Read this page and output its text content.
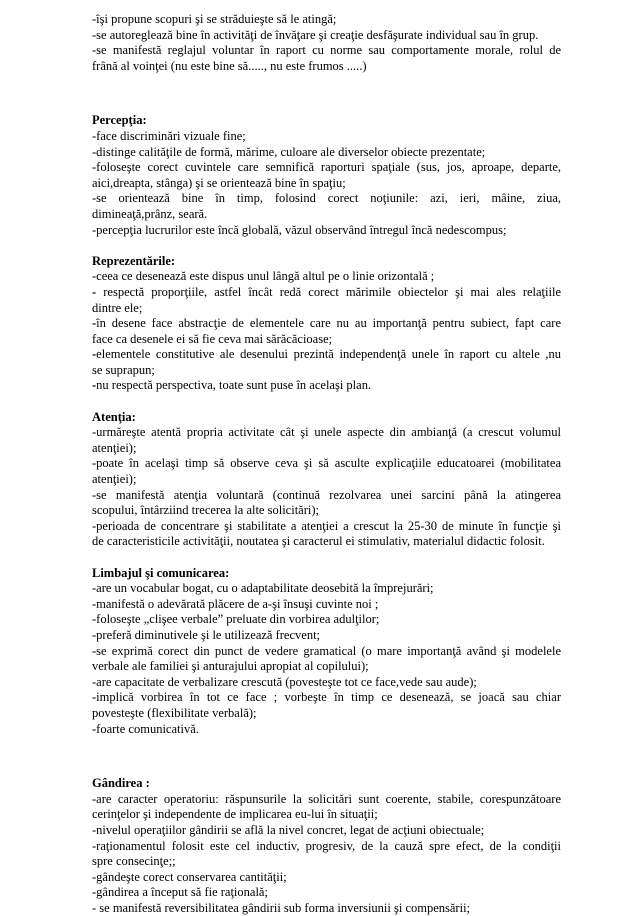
-îşi propune scopuri şi se străduieşte să le atingă;
-se autoreglează bine în activităţi de învăţare şi creaţie desfăşurate individual sau în grup.
-se manifestă reglajul voluntar în raport cu norme sau comportamente morale, rolul de
frână al voinţei (nu este bine să....., nu este frumos .....)
Percepţia:
-face discriminări vizuale fine;
-distinge calităţile de formă, mărime, culoare ale diverselor obiecte prezentate;
-foloseşte corect cuvintele care semnifică raporturi spaţiale (sus, jos, aproape, departe,
aici,dreapta, stânga) şi se orientează bine în spaţiu;
-se orientează bine în timp, folosind corect noţiunile: azi, ieri, mâine, ziua,
dimineaţă,prânz, seară.
-percepţia lucrurilor este încă globală, văzul observând întregul încă nedescompus;
Reprezentările:
-ceea ce desenează este dispus unul lângă altul pe o linie orizontală ;
- respectă proporţiile, astfel încât redă corect mărimile obiectelor şi mai ales relaţiile
dintre ele;
-în desene face abstracţie de elementele care nu au importanţă pentru subiect, fapt care
face ca desenele ei să fie ceva mai sărăcăcioase;
-elementele constitutive ale desenului prezintă independenţă unele în raport cu altele ,nu
se suprapun;
-nu respectă perspectiva, toate sunt puse în acelaşi plan.
Atenţia:
-urmăreşte atentă propria activitate cât şi unele aspecte din ambianţă (a crescut volumul
atenţiei);
-poate în acelaşi timp să observe ceva şi să asculte explicaţiile educatoarei (mobilitatea
atenţiei);
-se manifestă atenţia voluntară (continuă rezolvarea unei sarcini până la atingerea
scopului, întârziind trecerea la alte solicitări);
-perioada de concentrare şi stabilitate a atenţiei a crescut la 25-30 de minute în funcţie şi
de caracteristicile activităţii, noutatea şi caracterul ei stimulativ, materialul didactic folosit.
Limbajul şi comunicarea:
-are un vocabular bogat, cu o adaptabilitate deosebită la împrejurări;
-manifestă o adevărată plăcere de a-şi însuşi cuvinte noi ;
-foloseşte „clişee verbale” preluate din vorbirea adulţilor;
-preferă diminutivele şi le utilizează frecvent;
-se exprimă corect din punct de vedere gramatical (o mare importanţă având şi modelele
verbale ale familiei şi anturajului apropiat al copilului);
-are capacitate de verbalizare crescută (povesteşte tot ce face,vede sau aude);
-implică vorbirea în tot ce face ; vorbeşte în timp ce desenează, se joacă sau chiar
povesteşte (flexibilitate verbală);
-foarte comunicativă.
Gândirea :
-are caracter operatoriu: răspunsurile la solicitări sunt coerente, stabile, corespunzătoare
cerinţelor şi independente de implicarea eu-lui în situaţii;
-nivelul operaţiilor gândirii se află la nivel concret, legat de acţiuni obiectuale;
-raţionamentul folosit este cel inductiv, progresiv, de la cauză spre efect, de la condiţii
spre consecinţe;;
-gândeşte corect conservarea cantităţii;
-gândirea a început să fie raţională;
- se manifestă reversibilitatea gândirii sub forma inversiunii şi compensării;
